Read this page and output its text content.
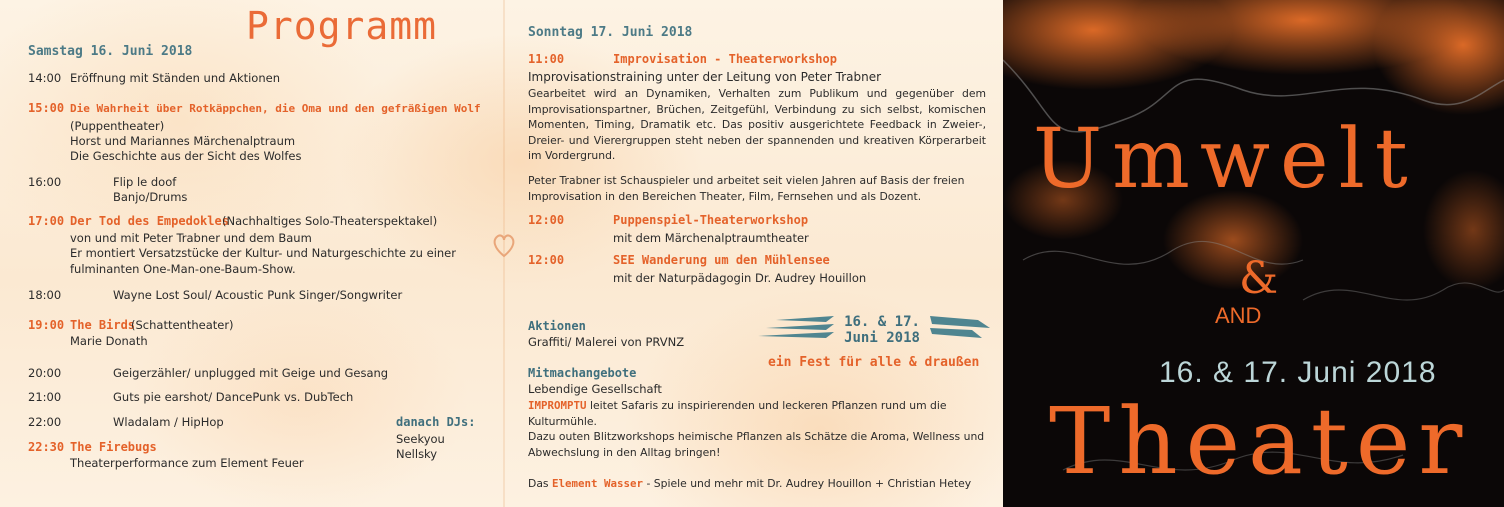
Programm
Samstag 16. Juni 2018
14:00 Eröffnung mit Ständen und Aktionen
15:00 Die Wahrheit über Rotkäppchen, die Oma und den gefräßigen Wolf
(Puppentheater)
Horst und Mariannes Märchenalptraum
Die Geschichte aus der Sicht des Wolfes
16:00	Flip le doof
Banjo/Drums
17:00 Der Tod des Empedokles
(Nachhaltiges Solo-Theaterspektakel)
von und mit Peter Trabner und dem Baum
Er montiert Versatzstücke der Kultur- und Naturgeschichte zu einer
fulminanten One-Man-one-Baum-Show.
18:00	Wayne Lost Soul/ Acoustic Punk Singer/Songwriter
19:00 The Birds
(Schattentheater)
Marie Donath
20:00	Geigerzähler/ unplugged mit Geige und Gesang
21:00	Guts pie earshot/ DancePunk vs. DubTech
22:00	Wladalam / HipHop
22:30 The Firebugs
Theaterperformance zum Element Feuer
danach DJs:
Seekyou
Nellsky
Sonntag 17. Juni 2018
11:00	Improvisation - Theaterworkshop
Improvisationstraining unter der Leitung von Peter Trabner
Gearbeitet wird an Dynamiken, Verhalten zum Publikum und gegenüber dem Improvisationspartner, Brüchen, Zeitgefühl, Verbindung zu sich selbst, komischen Momenten, Timing, Dramatik etc. Das positiv ausgerichtete Feedback in Zweier-, Dreier- und Vierergruppen steht neben der spannenden und kreativen Körperarbeit im Vordergrund.
Peter Trabner ist Schauspieler und arbeitet seit vielen Jahren auf Basis der freien Improvisation in den Bereichen Theater, Film, Fernsehen und als Dozent.
12:00	Puppenspiel-Theaterworkshop
mit dem Märchenalptraumtheater
12:00	SEE Wanderung um den Mühlensee
mit der Naturpädagogin Dr. Audrey Houillon
Aktionen
Graffiti/ Malerei von PRVNZ
16. & 17.
Juni 2018
ein Fest für alle & draußen
Mitmachangebote
Lebendige Gesellschaft
IMPROMPTU leitet Safaris zu inspirierenden und leckeren Pflanzen rund um die Kulturmühle.
Dazu outen Blitzworkshops heimische Pflanzen als Schätze die Aroma, Wellness und Abwechslung in den Alltag bringen!
Das Element Wasser - Spiele und mehr mit Dr. Audrey Houillon + Christian Hetey
Umwelt
&
AND
16. & 17. Juni 2018
Theater
